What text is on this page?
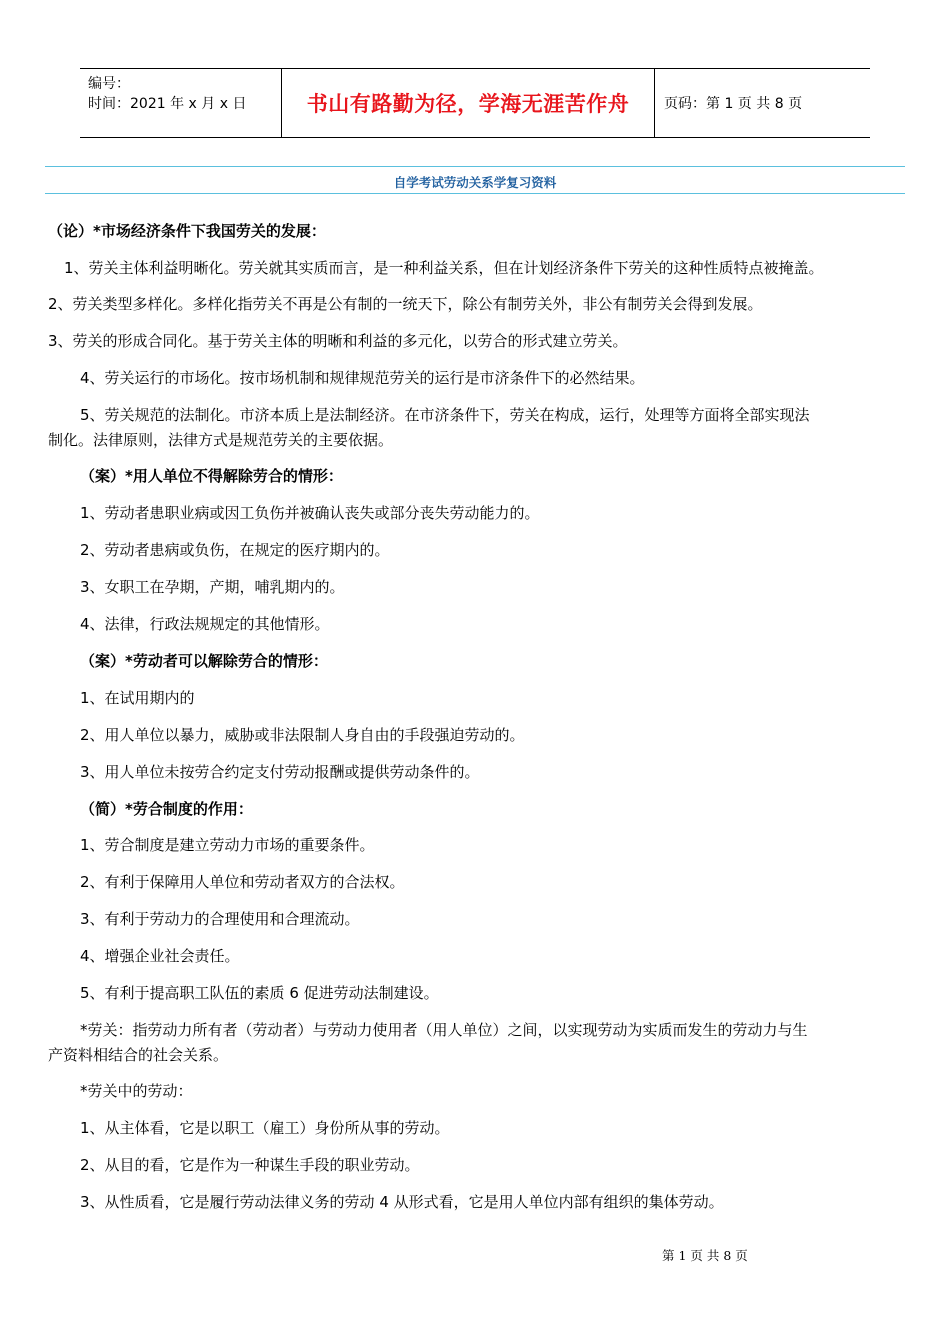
编号：
时间：2021 年 x 月 x 日	书山有路勤为径，学海无涯苦作舟 页码：第 1 页 共 8 页
自学考试劳动关系学复习资料
（论）*市场经济条件下我国劳关的发展：
1、劳关主体利益明晰化。劳关就其实质而言，是一种利益关系，但在计划经济条件下劳关的这种性质特点被掩盖。
2、劳关类型多样化。多样化指劳关不再是公有制的一统天下，除公有制劳关外，非公有制劳关会得到发展。
3、劳关的形成合同化。基于劳关主体的明晰和利益的多元化，以劳合的形式建立劳关。
4、劳关运行的市场化。按市场机制和规律规范劳关的运行是市济条件下的必然结果。
5、劳关规范的法制化。市济本质上是法制经济。在市济条件下，劳关在构成，运行，处理等方面将全部实现法
制化。法律原则，法律方式是规范劳关的主要依据。
（案）*用人单位不得解除劳合的情形：
1、劳动者患职业病或因工负伤并被确认丧失或部分丧失劳动能力的。
2、劳动者患病或负伤，在规定的医疗期内的。
3、女职工在孕期，产期，哺乳期内的。
4、法律，行政法规规定的其他情形。
（案）*劳动者可以解除劳合的情形：
1、在试用期内的
2、用人单位以暴力，威胁或非法限制人身自由的手段强迫劳动的。
3、用人单位未按劳合约定支付劳动报酬或提供劳动条件的。
（简）*劳合制度的作用：
1、劳合制度是建立劳动力市场的重要条件。
2、有利于保障用人单位和劳动者双方的合法权。
3、有利于劳动力的合理使用和合理流动。
4、增强企业社会责任。
5、有利于提高职工队伍的素质 6 促进劳动法制建设。
*劳关：指劳动力所有者（劳动者）与劳动力使用者（用人单位）之间，以实现劳动为实质而发生的劳动力与生
产资料相结合的社会关系。
*劳关中的劳动：
1、从主体看，它是以职工（雇工）身份所从事的劳动。
2、从目的看，它是作为一种谋生手段的职业劳动。
3、从性质看，它是履行劳动法律义务的劳动 4 从形式看，它是用人单位内部有组织的集体劳动。
第 1 页 共 8 页
